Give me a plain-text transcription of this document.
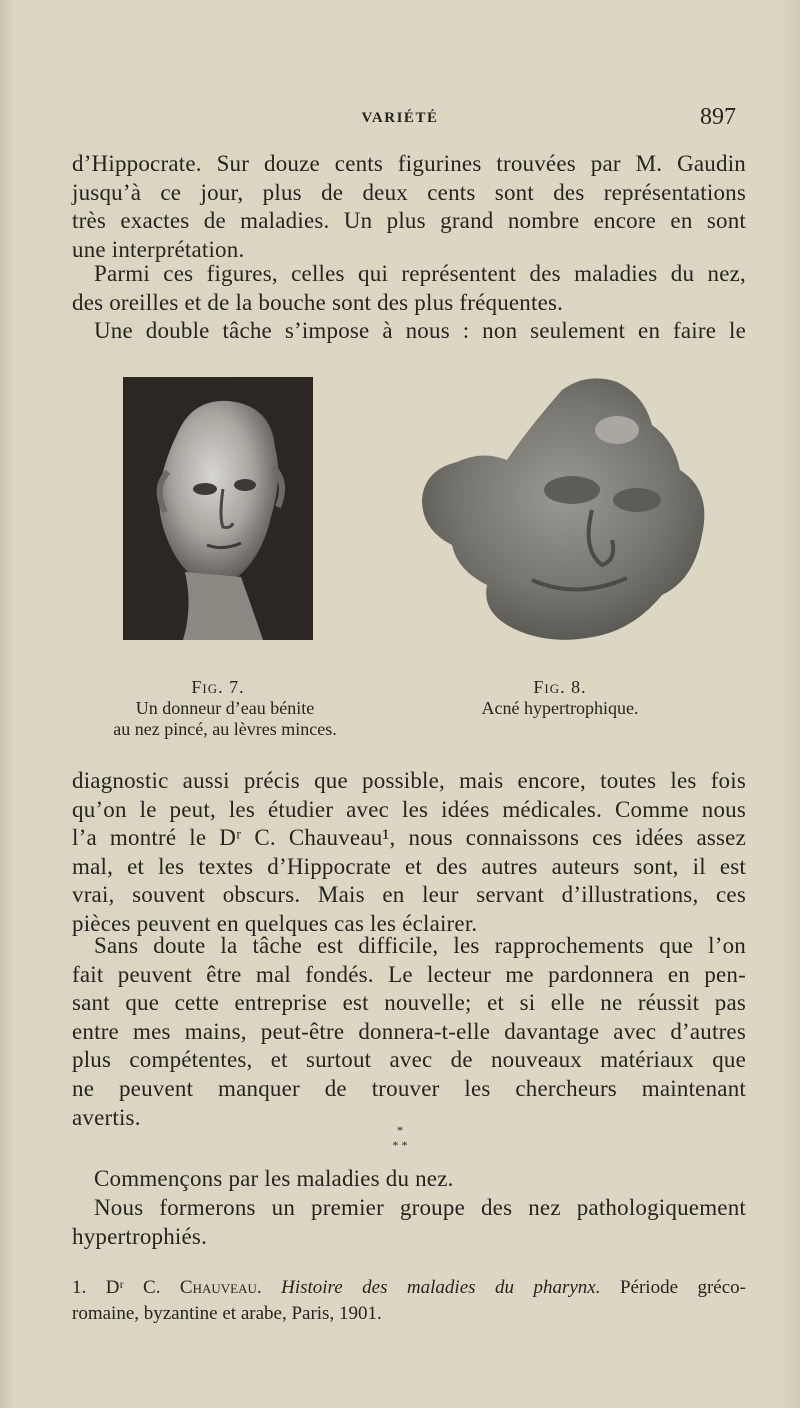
VARIÉTÉ	897
d’Hippocrate. Sur douze cents figurines trouvées par M. Gaudin
jusqu’à ce jour, plus de deux cents sont des représentations
très exactes de maladies. Un plus grand nombre encore en sont
une interprétation.
Parmi ces figures, celles qui représentent des maladies du nez,
des oreilles et de la bouche sont des plus fréquentes.
Une double tâche s’impose à nous : non seulement en faire le
Fig. 7.
Un donneur d’eau bénite
au nez pincé, au lèvres minces.
Fig. 8.
Acné hypertrophique.
diagnostic aussi précis que possible, mais encore, toutes les fois
qu’on le peut, les étudier avec les idées médicales. Comme nous
l’a montré le Dʳ C. Chauveau¹, nous connaissons ces idées assez
mal, et les textes d’Hippocrate et des autres auteurs sont, il est
vrai, souvent obscurs. Mais en leur servant d’illustrations, ces
pièces peuvent en quelques cas les éclairer.
Sans doute la tâche est difficile, les rapprochements que l’on
fait peuvent être mal fondés. Le lecteur me pardonnera en pen-
sant que cette entreprise est nouvelle; et si elle ne réussit pas
entre mes mains, peut-être donnera-t-elle davantage avec d’autres
plus compétentes, et surtout avec de nouveaux matériaux que
ne peuvent manquer de trouver les chercheurs maintenant
avertis.
*
* *
Commençons par les maladies du nez.
Nous formerons un premier groupe des nez pathologiquement
hypertrophiés.
1. Dʳ C. Chauveau. Histoire des maladies du pharynx. Période gréco-
romaine, byzantine et arabe, Paris, 1901.
